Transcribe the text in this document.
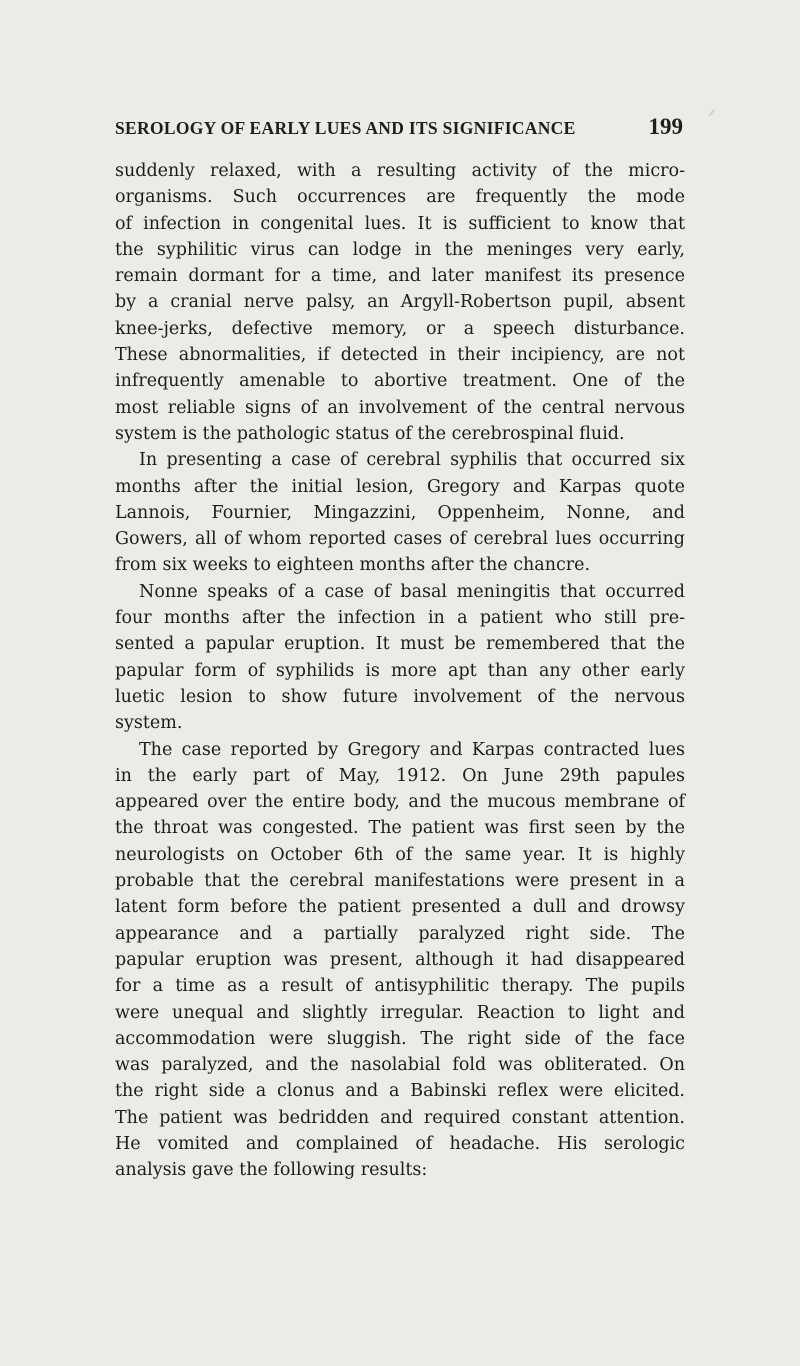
SEROLOGY OF EARLY LUES AND ITS SIGNIFICANCE	199
suddenly relaxed, with a resulting activity of the micro-
organisms. Such occurrences are frequently the mode
of infection in congenital lues. It is sufficient to know that
the syphilitic virus can lodge in the meninges very early,
remain dormant for a time, and later manifest its presence
by a cranial nerve palsy, an Argyll-Robertson pupil, absent
knee-jerks, defective memory, or a speech disturbance.
These abnormalities, if detected in their incipiency, are not
infrequently amenable to abortive treatment. One of the
most reliable signs of an involvement of the central nervous
system is the pathologic status of the cerebrospinal fluid.
In presenting a case of cerebral syphilis that occurred six
months after the initial lesion, Gregory and Karpas quote
Lannois, Fournier, Mingazzini, Oppenheim, Nonne, and
Gowers, all of whom reported cases of cerebral lues occurring
from six weeks to eighteen months after the chancre.
Nonne speaks of a case of basal meningitis that occurred
four months after the infection in a patient who still pre-
sented a papular eruption. It must be remembered that the
papular form of syphilids is more apt than any other early
luetic lesion to show future involvement of the nervous
system.
The case reported by Gregory and Karpas contracted lues
in the early part of May, 1912. On June 29th papules
appeared over the entire body, and the mucous membrane of
the throat was congested. The patient was first seen by the
neurologists on October 6th of the same year. It is highly
probable that the cerebral manifestations were present in a
latent form before the patient presented a dull and drowsy
appearance and a partially paralyzed right side. The
papular eruption was present, although it had disappeared
for a time as a result of antisyphilitic therapy. The pupils
were unequal and slightly irregular. Reaction to light and
accommodation were sluggish. The right side of the face
was paralyzed, and the nasolabial fold was obliterated. On
the right side a clonus and a Babinski reflex were elicited.
The patient was bedridden and required constant attention.
He vomited and complained of headache. His serologic
analysis gave the following results:
